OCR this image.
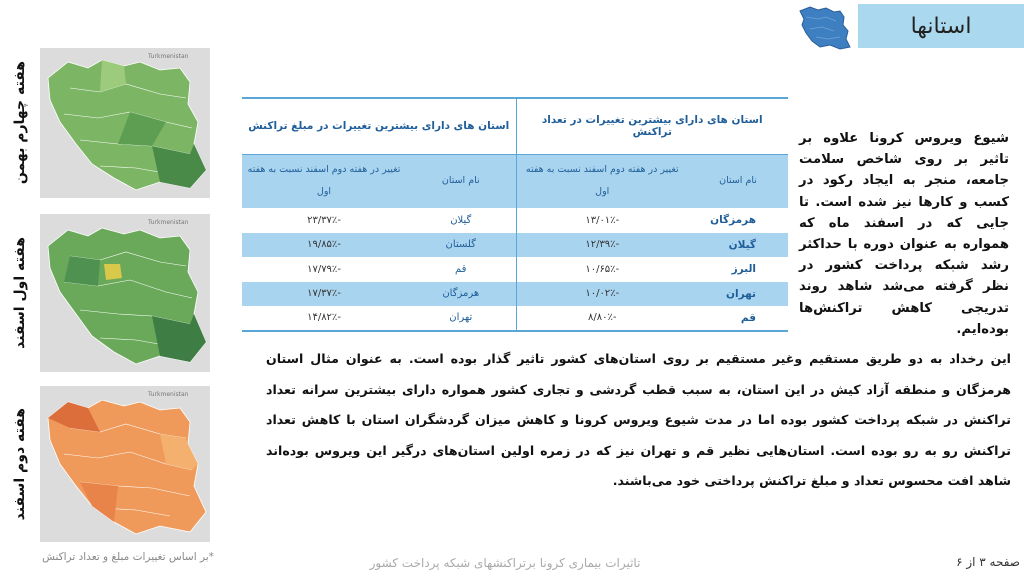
استانها
استان های دارای بیشترین تغییرات در تعداد تراکنش		استان های دارای بیشترین تغییرات در مبلغ تراکنش	
نام استان	تغییر در هفته دوم اسفند نسبت به هفته اول	نام استان	تغییر در هفته دوم اسفند نسبت به هفته اول
هرمزگان	-۱۳/۰۱٪	گیلان	-۲۳/۳۷٪
گیلان	-۱۲/۳۹٪	گلستان	-۱۹/۸۵٪
البرز	-۱۰/۶۵٪	قم	-۱۷/۷۹٪
تهران	-۱۰/۰۲٪	هرمزگان	-۱۷/۳۷٪
قم	-۸/۸۰٪	تهران	-۱۴/۸۲٪
شیوع ویروس کرونا علاوه بر تاثیر بر روی شاخص سلامت جامعه، منجر به ایجاد رکود در کسب و کارها نیز شده است. تا جایی که در اسفند ماه که همواره به عنوان دوره با حداکثر رشد شبکه پرداخت کشور در نظر گرفته می‌شد شاهد روند تدریجی کاهش تراکنش‌ها بوده‌ایم.
این رخداد به دو طریق مستقیم وغیر مستقیم بر روی استان‌های کشور تاثیر گذار بوده است. به عنوان مثال استان هرمزگان و منطقه آزاد کیش در این استان، به سبب قطب گردشی و تجاری کشور همواره دارای بیشترین سرانه تعداد تراکنش در شبکه پرداخت کشور بوده اما در مدت شیوع ویروس کرونا و کاهش میزان گردشگران استان با کاهش تعداد تراکنش رو به رو بوده است. استان‌هایی نظیر قم و تهران نیز که در زمره اولین استان‌های درگیر این ویروس بوده‌اند شاهد افت محسوس تعداد و مبلغ تراکنش پرداختی خود می‌باشند.
هفته چهارم بهمن
Turkmenistan
هفته اول اسفند
Turkmenistan
هفته دوم اسفند
Turkmenistan
*بر اساس تغییرات مبلغ و تعداد تراکنش	تاثیرات بیماری کرونا برتراکنشهای شبکه پرداخت کشور	صفحه ۳ از ۶
